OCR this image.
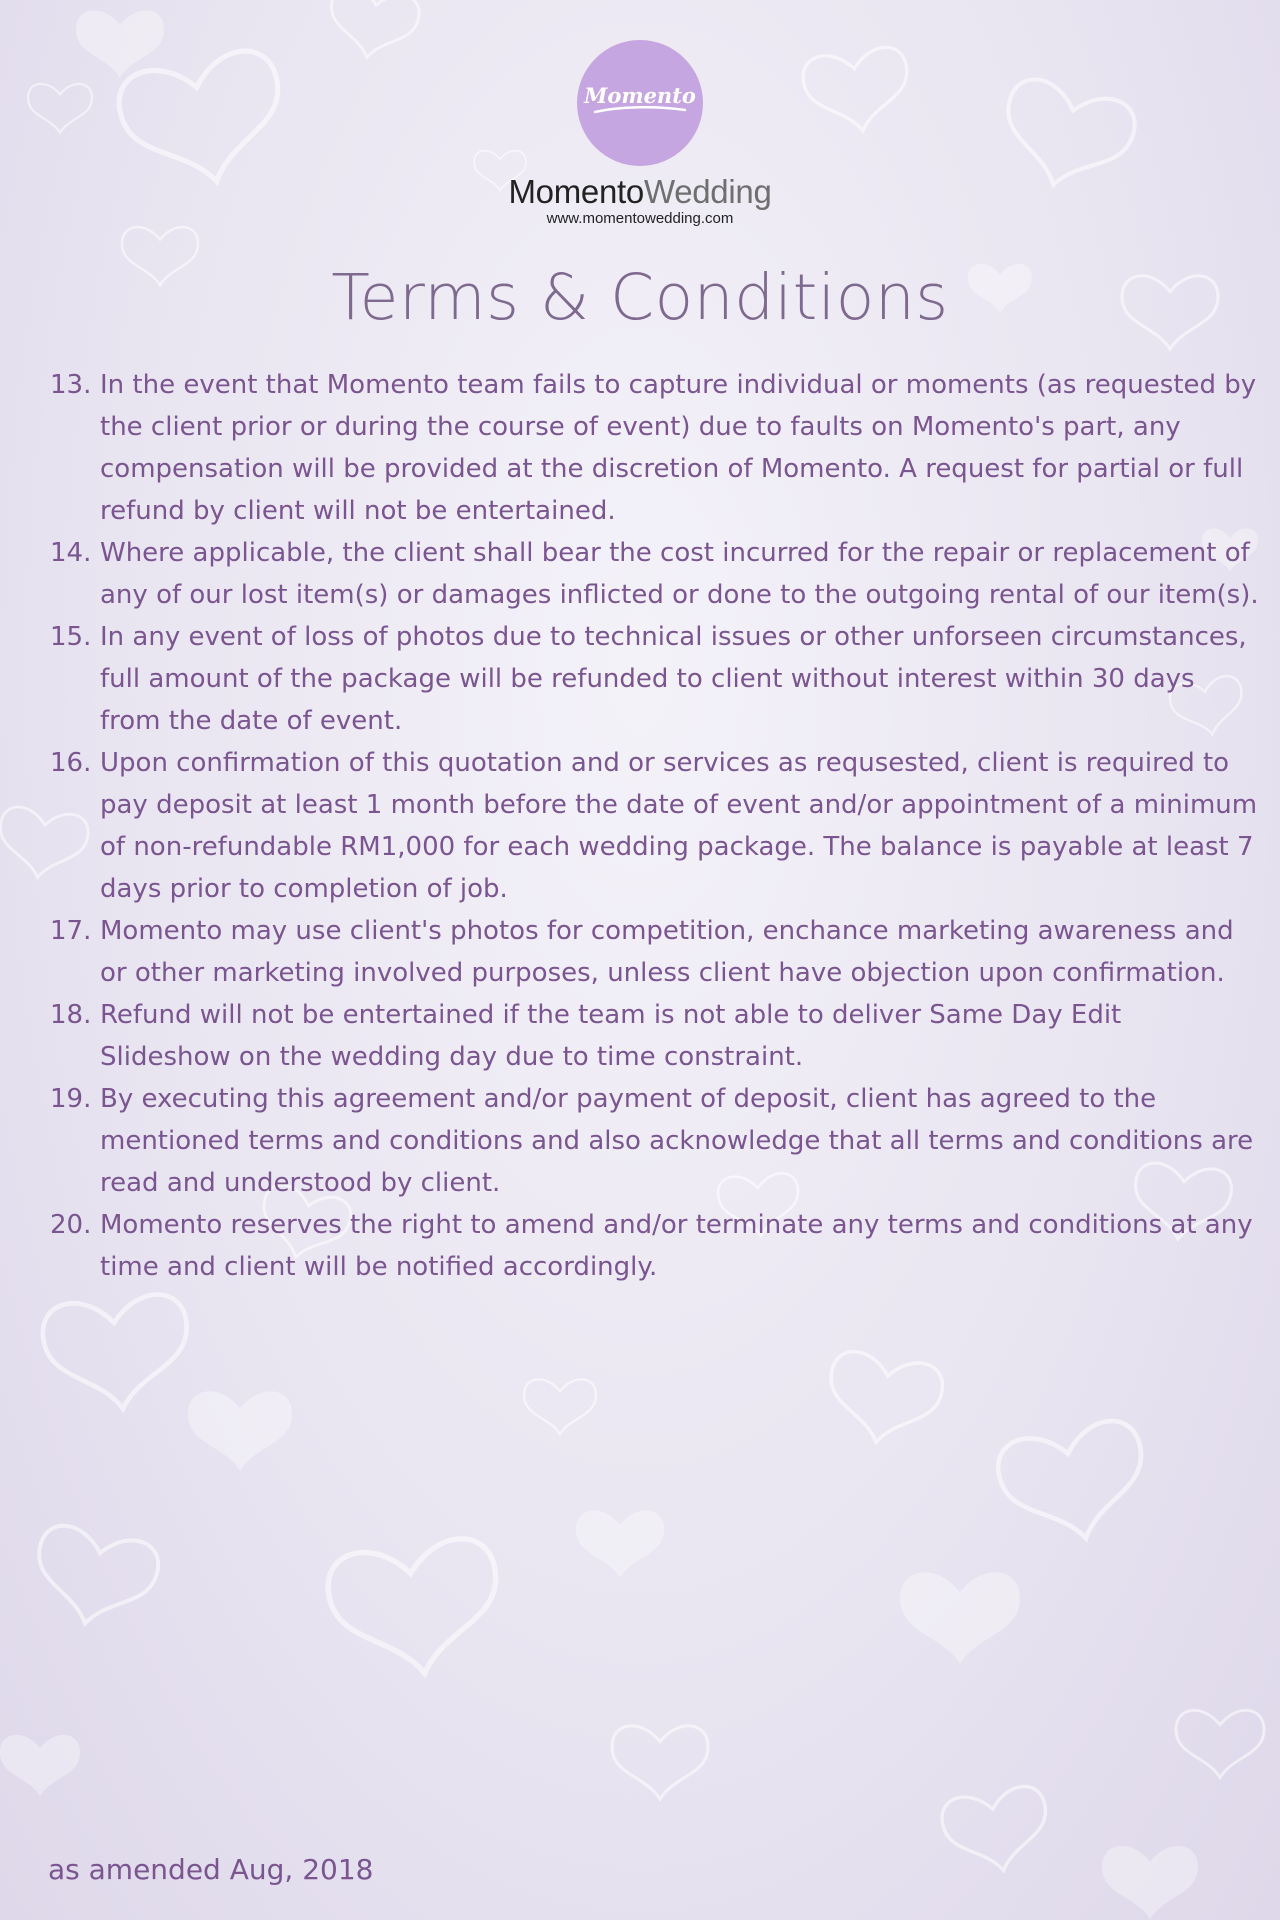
Momento
MomentoWedding
www.momentowedding.com
Terms & Conditions
13. In the event that Momento team fails to capture individual or moments (as requested by the client prior or during the course of event) due to faults on Momento's part, any compensation will be provided at the discretion of Momento. A request for partial or full refund by client will not be entertained.
14. Where applicable, the client shall bear the cost incurred for the repair or replacement of any of our lost item(s) or damages inflicted or done to the outgoing rental of our item(s).
15. In any event of loss of photos due to technical issues or other unforseen circumstances, full amount of the package will be refunded to client without interest within 30 days from the date of event.
16. Upon confirmation of this quotation and or services as requsested, client is required to pay deposit at least 1 month before the date of event and/or appointment of a minimum of non-refundable RM1,000 for each wedding package. The balance is payable at least 7 days prior to completion of job.
17. Momento may use client's photos for competition, enchance marketing awareness and or other marketing involved purposes, unless client have objection upon confirmation.
18. Refund will not be entertained if the team is not able to deliver Same Day Edit Slideshow on the wedding day due to time constraint.
19. By executing this agreement and/or payment of deposit, client has agreed to the mentioned terms and conditions and also acknowledge that all terms and conditions are read and understood by client.
20. Momento reserves the right to amend and/or terminate any terms and conditions at any time and client will be notified accordingly.
as amended Aug, 2018
